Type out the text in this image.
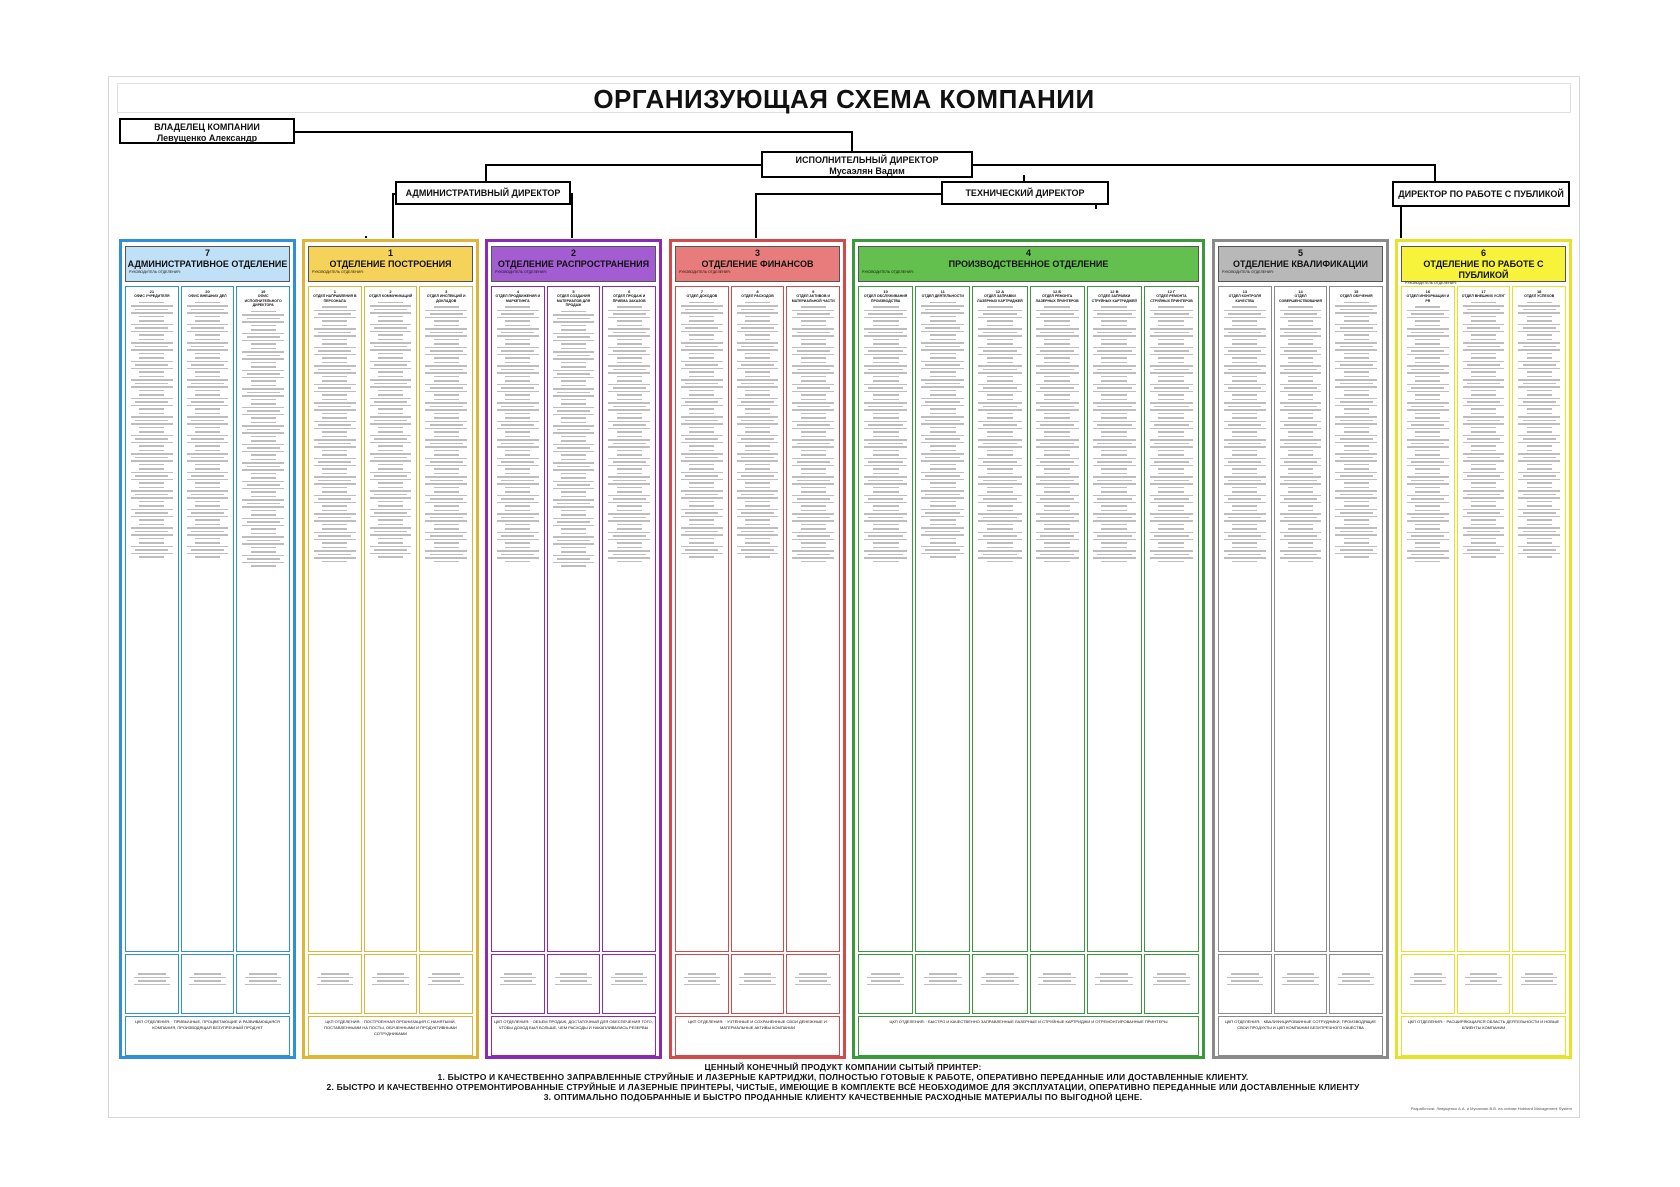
ОРГАНИЗУЮЩАЯ СХЕМА КОМПАНИИ
ВЛАДЕЛЕЦ КОМПАНИИ
Левущенко Александр
ИСПОЛНИТЕЛЬНЫЙ ДИРЕКТОР
Мусаэлян Вадим
АДМИНИСТРАТИВНЫЙ ДИРЕКТОР	ТЕХНИЧЕСКИЙ ДИРЕКТОР	ДИРЕКТОР ПО РАБОТЕ С ПУБЛИКОЙ
7
АДМИНИСТРАТИВНОЕ ОТДЕЛЕНИЕ
РУКОВОДИТЕЛЬ ОТДЕЛЕНИЯ:
21
ОФИС УЧРЕДИТЕЛЯ
20
ОФИС ВНЕШНИХ ДЕЛ
19
ОФИС ИСПОЛНИТЕЛЬНОГО ДИРЕКТОРА
ЦКП ОТДЕЛЕНИЯ: · ПРИВЫЧНЫЕ, ПРОЦВЕТАЮЩИЕ И РАЗВИВАЮЩАЯСЯ КОМПАНИЯ, ПРОИЗВОДЯЩАЯ БЕЗУПРЕЧНЫЙ ПРОДУКТ
1
ОТДЕЛЕНИЕ ПОСТРОЕНИЯ
РУКОВОДИТЕЛЬ ОТДЕЛЕНИЯ:
1
ОТДЕЛ НАПРАВЛЕНИЯ В ПЕРСОНАЛА
2
ОТДЕЛ КОММУНИКАЦИЙ
3
ОТДЕЛ ИНСПЕКЦИЙ И ДОКЛАДОВ
ЦКП ОТДЕЛЕНИЯ: · ПОСТРОЕННАЯ ОРГАНИЗАЦИЯ С НАНЯТЫМИ, ПОСТАВЛЕННЫМИ НА ПОСТЫ, ОБУЧЕННЫМИ И ПРОДУКТИВНЫМИ СОТРУДНИКАМИ
2
ОТДЕЛЕНИЕ РАСПРОСТРАНЕНИЯ
РУКОВОДИТЕЛЬ ОТДЕЛЕНИЯ:
4
ОТДЕЛ ПРОДВИЖЕНИЯ И МАРКЕТИНГА
5
ОТДЕЛ СОЗДАНИЯ МАТЕРИАЛОВ ДЛЯ ПРОДАЖ
6
ОТДЕЛ ПРОДАЖ И ПРИЕМА ЗАКАЗОВ
ЦКП ОТДЕЛЕНИЯ: · ОБЪЕМ ПРОДАЖ, ДОСТАТОЧНЫЙ ДЛЯ ОБЕСПЕЧЕНИЯ ТОГО, ЧТОБЫ ДОХОД БЫЛ БОЛЬШЕ, ЧЕМ РАСХОДЫ И НАКАПЛИВАЛИСЬ РЕЗЕРВЫ
3
ОТДЕЛЕНИЕ ФИНАНСОВ
РУКОВОДИТЕЛЬ ОТДЕЛЕНИЯ:
7
ОТДЕЛ ДОХОДОВ
8
ОТДЕЛ РАСХОДОВ
9
ОТДЕЛ АКТИВОВ И МАТЕРИАЛЬНОЙ ЧАСТИ
ЦКП ОТДЕЛЕНИЯ: · УЧТЁННЫЕ И СОХРАНЕННЫЕ СВОИ ДЕНЕЖНЫЕ И МАТЕРИАЛЬНЫЕ АКТИВЫ КОМПАНИИ
4
ПРОИЗВОДСТВЕННОЕ ОТДЕЛЕНИЕ
РУКОВОДИТЕЛЬ ОТДЕЛЕНИЯ:
10
ОТДЕЛ ОБСЛУЖИВАНИЯ ПРОИЗВОДСТВА
11
ОТДЕЛ ДЕЯТЕЛЬНОСТИ
12 А
ОТДЕЛ ЗАПРАВКИ ЛАЗЕРНЫХ КАРТРИДЖЕЙ
12 Б
ОТДЕЛ РЕМОНТА ЛАЗЕРНЫХ ПРИНТЕРОВ
12 В
ОТДЕЛ ЗАПРАВКИ СТРУЙНЫХ КАРТРИДЖЕЙ
12 Г
ОТДЕЛ РЕМОНТА СТРУЙНЫХ ПРИНТЕРОВ
ЦКП ОТДЕЛЕНИЯ: · БЫСТРО И КАЧЕСТВЕННО ЗАПРАВЛЕННЫЕ ЛАЗЕРНЫЕ И СТРУЙНЫЕ КАРТРИДЖИ И ОТРЕМОНТИРОВАННЫЕ ПРИНТЕРЫ
5
ОТДЕЛЕНИЕ КВАЛИФИКАЦИИ
РУКОВОДИТЕЛЬ ОТДЕЛЕНИЯ:
13
ОТДЕЛ КОНТРОЛЯ КАЧЕСТВА
14
ОТДЕЛ СОВЕРШЕНСТВОВАНИЯ
15
ОТДЕЛ ОБУЧЕНИЯ
ЦКП ОТДЕЛЕНИЯ: · КВАЛИФИЦИРОВАННЫЕ СОТРУДНИКИ, ПРОИЗВОДЯЩИЕ СВОИ ПРОДУКТЫ И ЦКП КОМПАНИИ БЕЗУПРЕЧНОГО КАЧЕСТВА
6
ОТДЕЛЕНИЕ ПО РАБОТЕ С ПУБЛИКОЙ
РУКОВОДИТЕЛЬ ОТДЕЛЕНИЯ:
16
ОТДЕЛ ИНФОРМАЦИИ И PR
17
ОТДЕЛ ВНЕШНИХ УСЛУГ
18
ОТДЕЛ УСПЕХОВ
ЦКП ОТДЕЛЕНИЯ: · РАСШИРЯЮЩАЯСЯ ОБЛАСТЬ ДЕЯТЕЛЬНОСТИ И НОВЫЕ КЛИЕНТЫ КОМПАНИИ
ЦЕННЫЙ КОНЕЧНЫЙ ПРОДУКТ КОМПАНИИ СЫТЫЙ ПРИНТЕР:
1. БЫСТРО И КАЧЕСТВЕННО ЗАПРАВЛЕННЫЕ СТРУЙНЫЕ И ЛАЗЕРНЫЕ КАРТРИДЖИ, ПОЛНОСТЬЮ ГОТОВЫЕ К РАБОТЕ, ОПЕРАТИВНО ПЕРЕДАННЫЕ ИЛИ ДОСТАВЛЕННЫЕ КЛИЕНТУ.
2. БЫСТРО И КАЧЕСТВЕННО ОТРЕМОНТИРОВАННЫЕ СТРУЙНЫЕ И ЛАЗЕРНЫЕ ПРИНТЕРЫ, ЧИСТЫЕ, ИМЕЮЩИЕ В КОМПЛЕКТЕ ВСЁ НЕОБХОДИМОЕ ДЛЯ ЭКСПЛУАТАЦИИ, ОПЕРАТИВНО ПЕРЕДАННЫЕ ИЛИ ДОСТАВЛЕННЫЕ КЛИЕНТУ
3. ОПТИМАЛЬНО ПОДОБРАННЫЕ И БЫСТРО ПРОДАННЫЕ КЛИЕНТУ КАЧЕСТВЕННЫЕ РАСХОДНЫЕ МАТЕРИАЛЫ ПО ВЫГОДНОЙ ЦЕНЕ.
Разработчик: Левущенко А.А. и Мусаэлян В.В. на основе Hubbard Management System
